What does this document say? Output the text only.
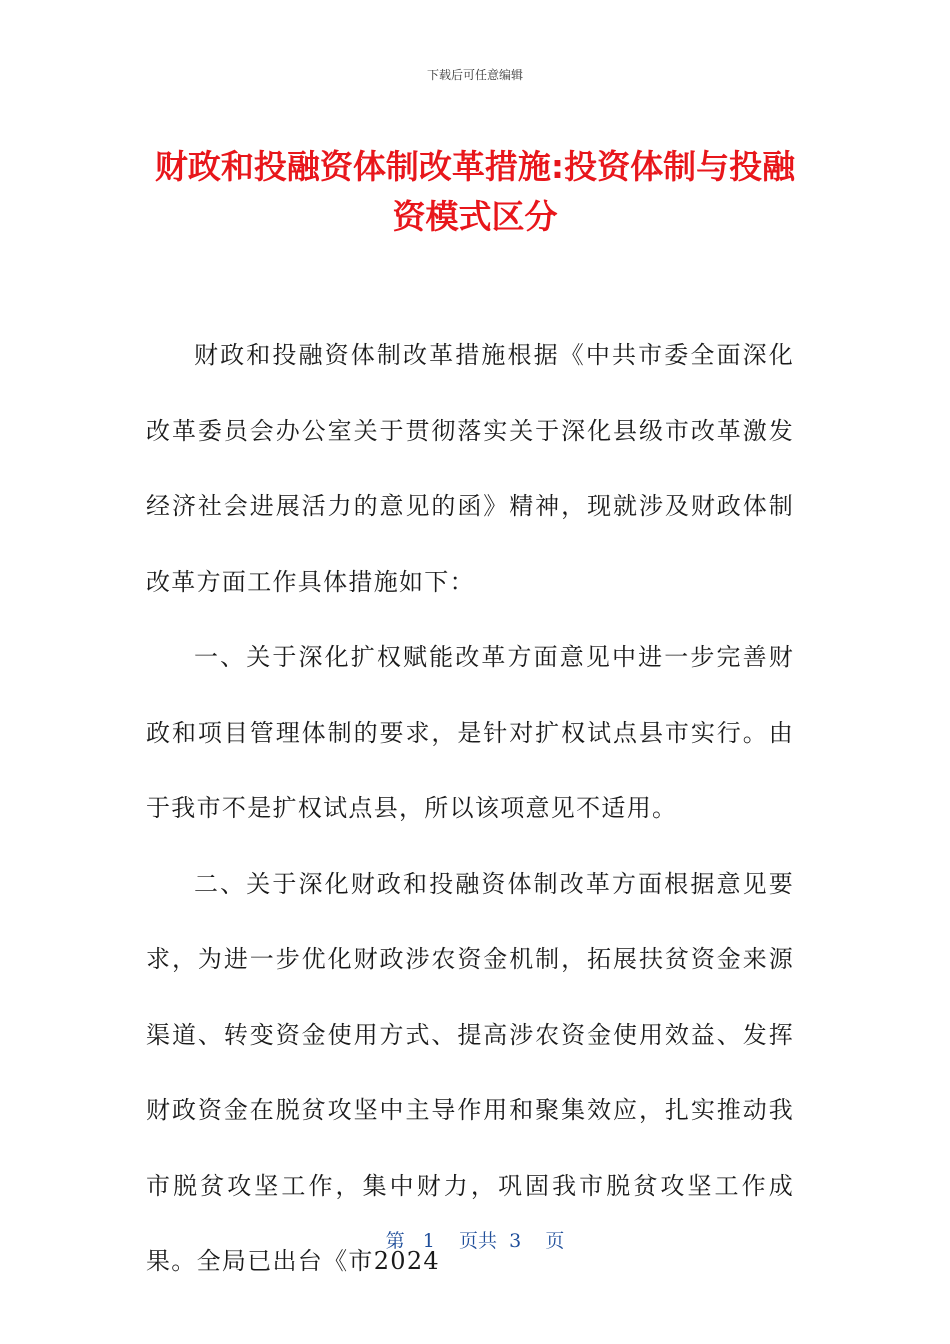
下载后可任意编辑
财政和投融资体制改革措施:投资体制与投融资模式区分

财政和投融资体制改革措施根据《中共市委全面深化改革委员会办公室关于贯彻落实关于深化县级市改革激发经济社会进展活力的意见的函》精神，现就涉及财政体制改革方面工作具体措施如下：

一、关于深化扩权赋能改革方面意见中进一步完善财政和项目管理体制的要求，是针对扩权试点县市实行。由于我市不是扩权试点县，所以该项意见不适用。

二、关于深化财政和投融资体制改革方面根据意见要求，为进一步优化财政涉农资金机制，拓展扶贫资金来源渠道、转变资金使用方式、提高涉农资金使用效益、发挥财政资金在脱贫攻坚中主导作用和聚集效应，扎实推动我市脱贫攻坚工作，集中财力，巩固我市脱贫攻坚工作成果。全局已出台《市2024

第 1 页共 3 页
